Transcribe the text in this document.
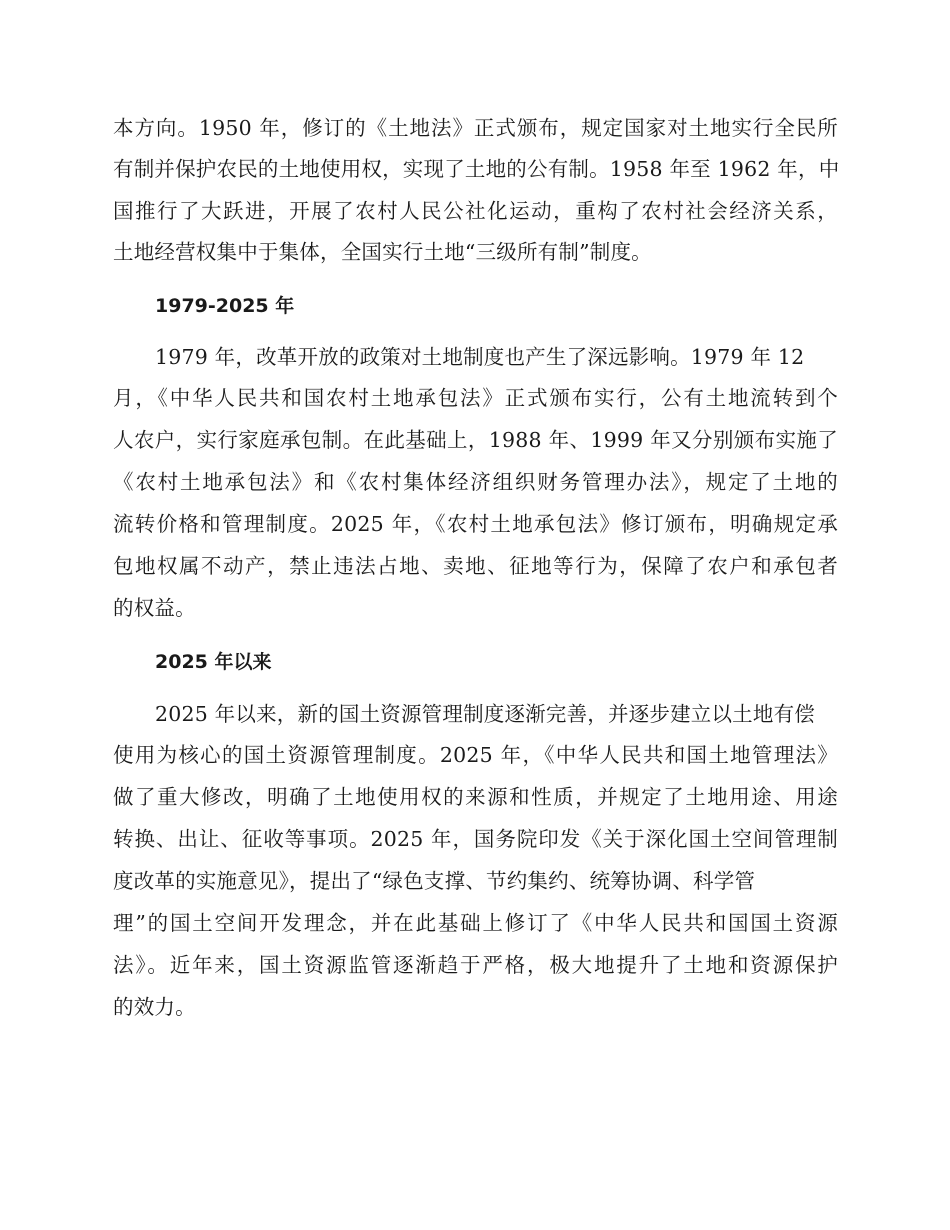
本方向。1950 年，修订的《土地法》正式颁布，规定国家对土地实行全民所
有制并保护农民的土地使用权，实现了土地的公有制。1958 年至 1962 年，中
国推行了大跃进，开展了农村人民公社化运动，重构了农村社会经济关系，
土地经营权集中于集体，全国实行土地“三级所有制”制度。
1979-2025 年
1979 年，改革开放的政策对土地制度也产生了深远影响。1979 年 12
月，《中华人民共和国农村土地承包法》正式颁布实行，公有土地流转到个
人农户，实行家庭承包制。在此基础上，1988 年、1999 年又分别颁布实施了
《农村土地承包法》和《农村集体经济组织财务管理办法》，规定了土地的
流转价格和管理制度。2025 年，《农村土地承包法》修订颁布，明确规定承
包地权属不动产，禁止违法占地、卖地、征地等行为，保障了农户和承包者
的权益。
2025 年以来
2025 年以来，新的国土资源管理制度逐渐完善，并逐步建立以土地有偿
使用为核心的国土资源管理制度。2025 年，《中华人民共和国土地管理法》
做了重大修改，明确了土地使用权的来源和性质，并规定了土地用途、用途
转换、出让、征收等事项。2025 年，国务院印发《关于深化国土空间管理制
度改革的实施意见》，提出了“绿色支撑、节约集约、统筹协调、科学管
理”的国土空间开发理念，并在此基础上修订了《中华人民共和国国土资源
法》。近年来，国土资源监管逐渐趋于严格，极大地提升了土地和资源保护
的效力。
